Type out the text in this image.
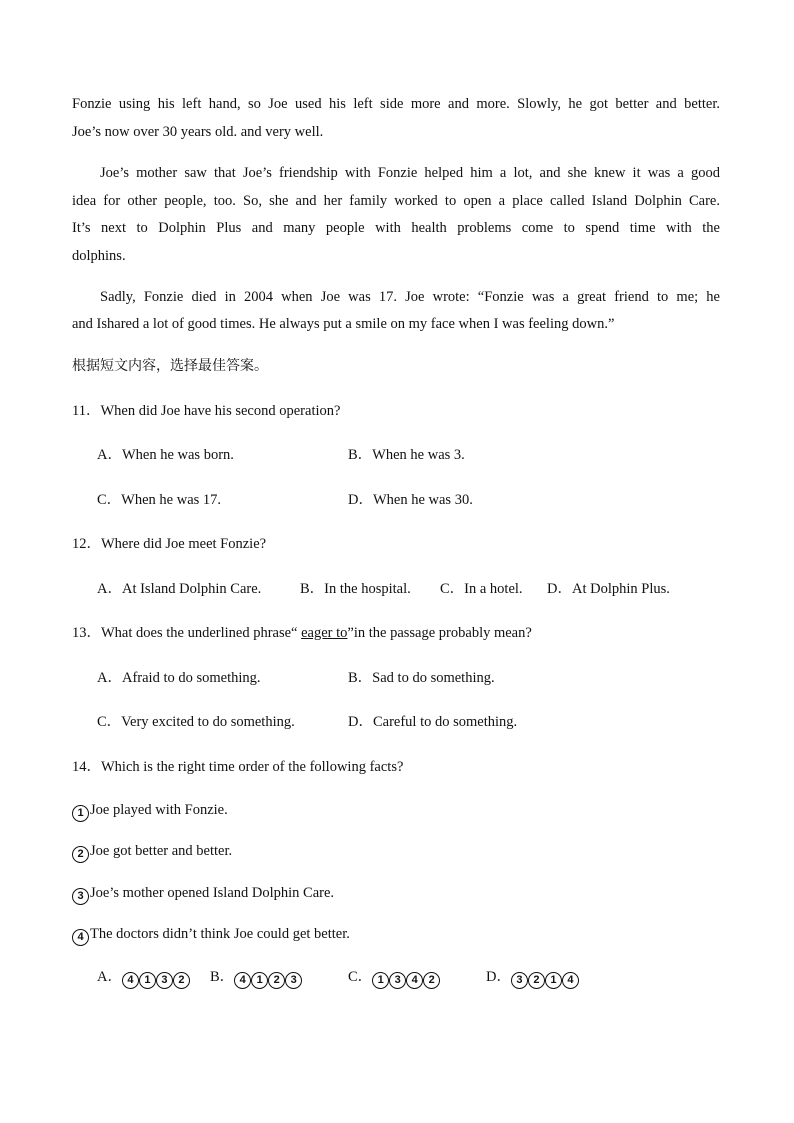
Fonzie using his left hand, so Joe used his left side more and more. Slowly, he got better and better.
Joe’s now over 30 years old. and very well.
Joe’s mother saw that Joe’s friendship with Fonzie helped him a lot, and she knew it was a good
idea for other people, too. So, she and her family worked to open a place called Island Dolphin Care.
It’s next to Dolphin Plus and many people with health problems come to spend time with the
dolphins.
Sadly, Fonzie died in 2004 when Joe was 17. Joe wrote: “Fonzie was a great friend to me; he
and Ishared a lot of good times. He always put a smile on my face when I was feeling down.”
根据短文内容，选择最佳答案。
11．When did Joe have his second operation?
A．When he was born.	B．When he was 3.
C．When he was 17.	D．When he was 30.
12．Where did Joe meet Fonzie?
A．At Island Dolphin Care.	B．In the hospital. C．In a hotel. D．At Dolphin Plus.
13．What does the underlined phrase“ eager to”in the passage probably mean?
A．Afraid to do something.	B．Sad to do something.
C．Very excited to do something.	D．Careful to do something.
14．Which is the right time order of the following facts?
1 Joe played with Fonzie.
2 Joe got better and better.
3 Joe’s mother opened Island Dolphin Care.
4 The doctors didn’t think Joe could get better.
A． 4 1 3 2	B． 4 1 2 3	C． 1 3 4 2	D． 3 2 1 4
